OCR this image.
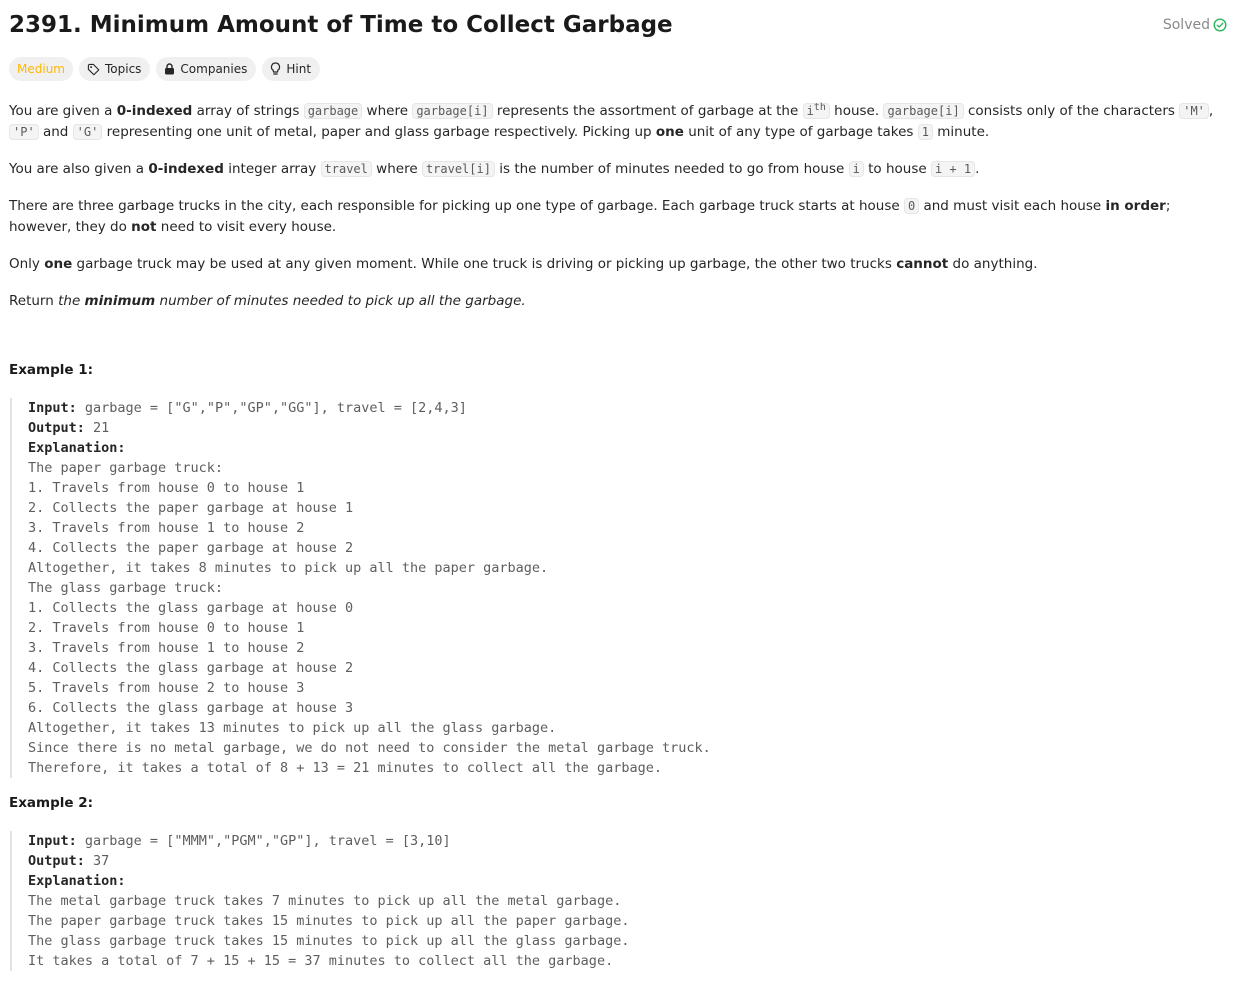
2391. Minimum Amount of Time to Collect Garbage	Solved
Medium	Topics	Companies	Hint

You are given a 0-indexed array of strings garbage where garbage[i] represents the assortment of garbage at the $i^{th}$ house. garbage[i] consists only of the characters 'M' , 'P' and 'G' representing one unit of metal, paper and glass garbage respectively. Picking up one unit of any type of garbage takes 1 minute.

You are also given a 0-indexed integer array travel where travel[i] is the number of minutes needed to go from house i to house i + 1 .

There are three garbage trucks in the city, each responsible for picking up one type of garbage. Each garbage truck starts at house 0 and must visit each house in order; however, they do not need to visit every house.

Only one garbage truck may be used at any given moment. While one truck is driving or picking up garbage, the other two trucks cannot do anything.

Return the minimum number of minutes needed to pick up all the garbage.

Example 1:
Input: garbage = ["G","P","GP","GG"], travel = [2,4,3]
Output: 21
Explanation:
The paper garbage truck:
1. Travels from house 0 to house 1
2. Collects the paper garbage at house 1
3. Travels from house 1 to house 2
4. Collects the paper garbage at house 2
Altogether, it takes 8 minutes to pick up all the paper garbage.
The glass garbage truck:
1. Collects the glass garbage at house 0
2. Travels from house 0 to house 1
3. Travels from house 1 to house 2
4. Collects the glass garbage at house 2
5. Travels from house 2 to house 3
6. Collects the glass garbage at house 3
Altogether, it takes 13 minutes to pick up all the glass garbage.
Since there is no metal garbage, we do not need to consider the metal garbage truck.
Therefore, it takes a total of 8 + 13 = 21 minutes to collect all the garbage.
Example 2:
Input: garbage = ["MMM","PGM","GP"], travel = [3,10]
Output: 37
Explanation:
The metal garbage truck takes 7 minutes to pick up all the metal garbage.
The paper garbage truck takes 15 minutes to pick up all the paper garbage.
The glass garbage truck takes 15 minutes to pick up all the glass garbage.
It takes a total of 7 + 15 + 15 = 37 minutes to collect all the garbage.
